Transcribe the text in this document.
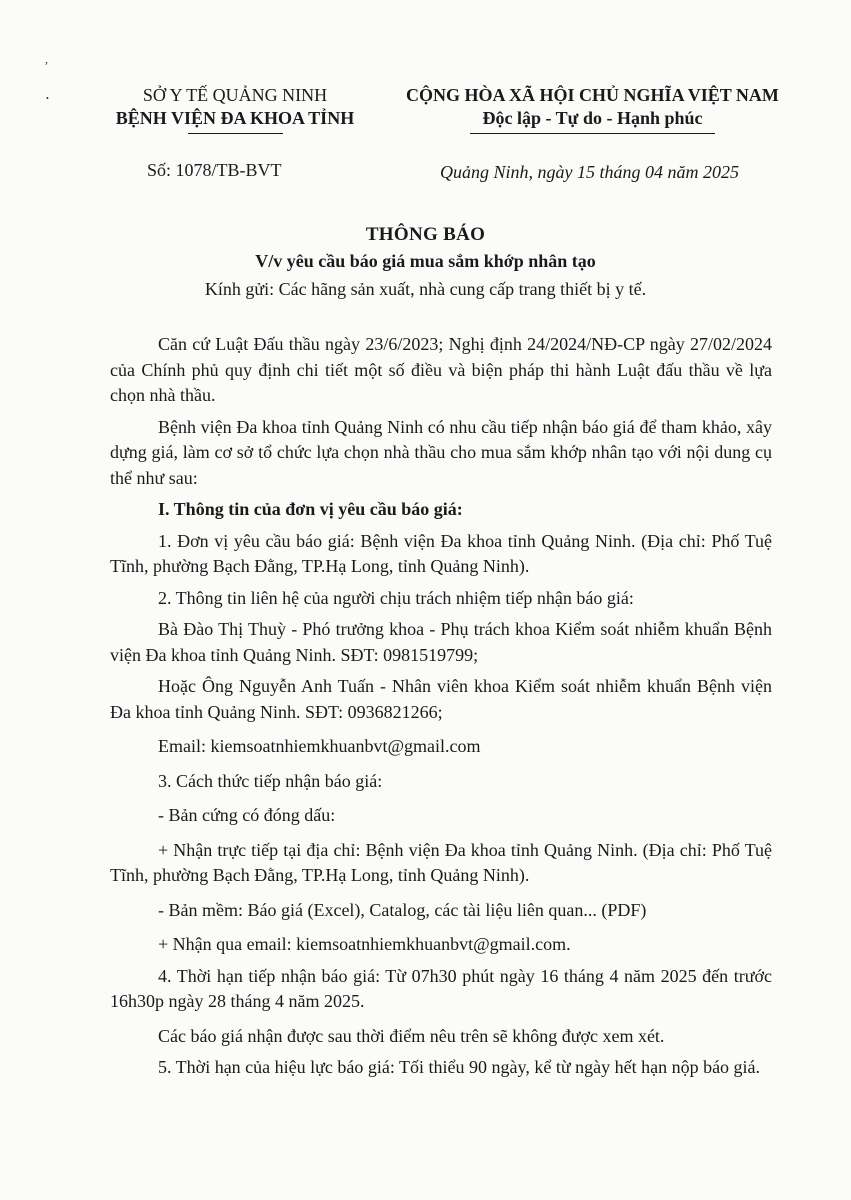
,
•	SỞ Y TẾ QUẢNG NINH
BỆNH VIỆN ĐA KHOA TỈNH
CỘNG HÒA XÃ HỘI CHỦ NGHĨA VIỆT NAM
Độc lập - Tự do - Hạnh phúc
Số: 1078/TB-BVT	Quảng Ninh, ngày 15 tháng 04 năm 2025
THÔNG BÁO
V/v yêu cầu báo giá mua sắm khớp nhân tạo
Kính gửi: Các hãng sản xuất, nhà cung cấp trang thiết bị y tế.

Căn cứ Luật Đấu thầu ngày 23/6/2023; Nghị định 24/2024/NĐ-CP ngày 27/02/2024 của Chính phủ quy định chi tiết một số điều và biện pháp thi hành Luật đấu thầu về lựa chọn nhà thầu.

Bệnh viện Đa khoa tỉnh Quảng Ninh có nhu cầu tiếp nhận báo giá để tham khảo, xây dựng giá, làm cơ sở tổ chức lựa chọn nhà thầu cho mua sắm khớp nhân tạo với nội dung cụ thể như sau:

I. Thông tin của đơn vị yêu cầu báo giá:

1. Đơn vị yêu cầu báo giá: Bệnh viện Đa khoa tỉnh Quảng Ninh. (Địa chỉ: Phố Tuệ Tĩnh, phường Bạch Đằng, TP.Hạ Long, tỉnh Quảng Ninh).

2. Thông tin liên hệ của người chịu trách nhiệm tiếp nhận báo giá:

Bà Đào Thị Thuỳ - Phó trưởng khoa - Phụ trách khoa Kiểm soát nhiễm khuẩn Bệnh viện Đa khoa tỉnh Quảng Ninh. SĐT: 0981519799;

Hoặc Ông Nguyễn Anh Tuấn - Nhân viên khoa Kiểm soát nhiễm khuẩn Bệnh viện Đa khoa tỉnh Quảng Ninh. SĐT: 0936821266;

Email: kiemsoatnhiemkhuanbvt@gmail.com

3. Cách thức tiếp nhận báo giá:

- Bản cứng có đóng dấu:

+ Nhận trực tiếp tại địa chỉ: Bệnh viện Đa khoa tỉnh Quảng Ninh. (Địa chỉ: Phố Tuệ Tĩnh, phường Bạch Đằng, TP.Hạ Long, tỉnh Quảng Ninh).

- Bản mềm: Báo giá (Excel), Catalog, các tài liệu liên quan... (PDF)

+ Nhận qua email: kiemsoatnhiemkhuanbvt@gmail.com.

4. Thời hạn tiếp nhận báo giá: Từ 07h30 phút ngày 16 tháng 4 năm 2025 đến trước 16h30p ngày 28 tháng 4 năm 2025.

Các báo giá nhận được sau thời điểm nêu trên sẽ không được xem xét.

5. Thời hạn của hiệu lực báo giá: Tối thiểu 90 ngày, kể từ ngày hết hạn nộp báo giá.
